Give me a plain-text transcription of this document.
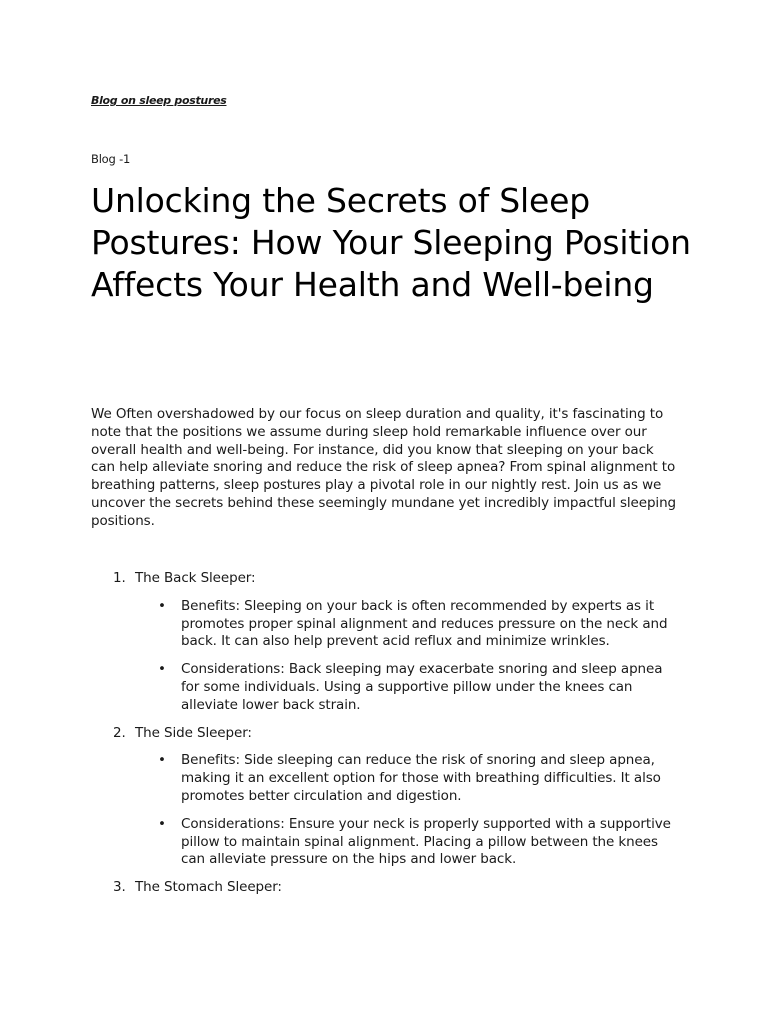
Blog on sleep postures
Blog -1
Unlocking the Secrets of Sleep Postures: How Your Sleeping Position Affects Your Health and Well-being

We Often overshadowed by our focus on sleep duration and quality, it's fascinating to note that the positions we assume during sleep hold remarkable influence over our overall health and well-being. For instance, did you know that sleeping on your back can help alleviate snoring and reduce the risk of sleep apnea? From spinal alignment to breathing patterns, sleep postures play a pivotal role in our nightly rest. Join us as we uncover the secrets behind these seemingly mundane yet incredibly impactful sleeping positions.

1. The Back Sleeper:
• Benefits: Sleeping on your back is often recommended by experts as it promotes proper spinal alignment and reduces pressure on the neck and back. It can also help prevent acid reflux and minimize wrinkles.
• Considerations: Back sleeping may exacerbate snoring and sleep apnea for some individuals. Using a supportive pillow under the knees can alleviate lower back strain.
2. The Side Sleeper:
• Benefits: Side sleeping can reduce the risk of snoring and sleep apnea, making it an excellent option for those with breathing difficulties. It also promotes better circulation and digestion.
• Considerations: Ensure your neck is properly supported with a supportive pillow to maintain spinal alignment. Placing a pillow between the knees can alleviate pressure on the hips and lower back.
3. The Stomach Sleeper:
